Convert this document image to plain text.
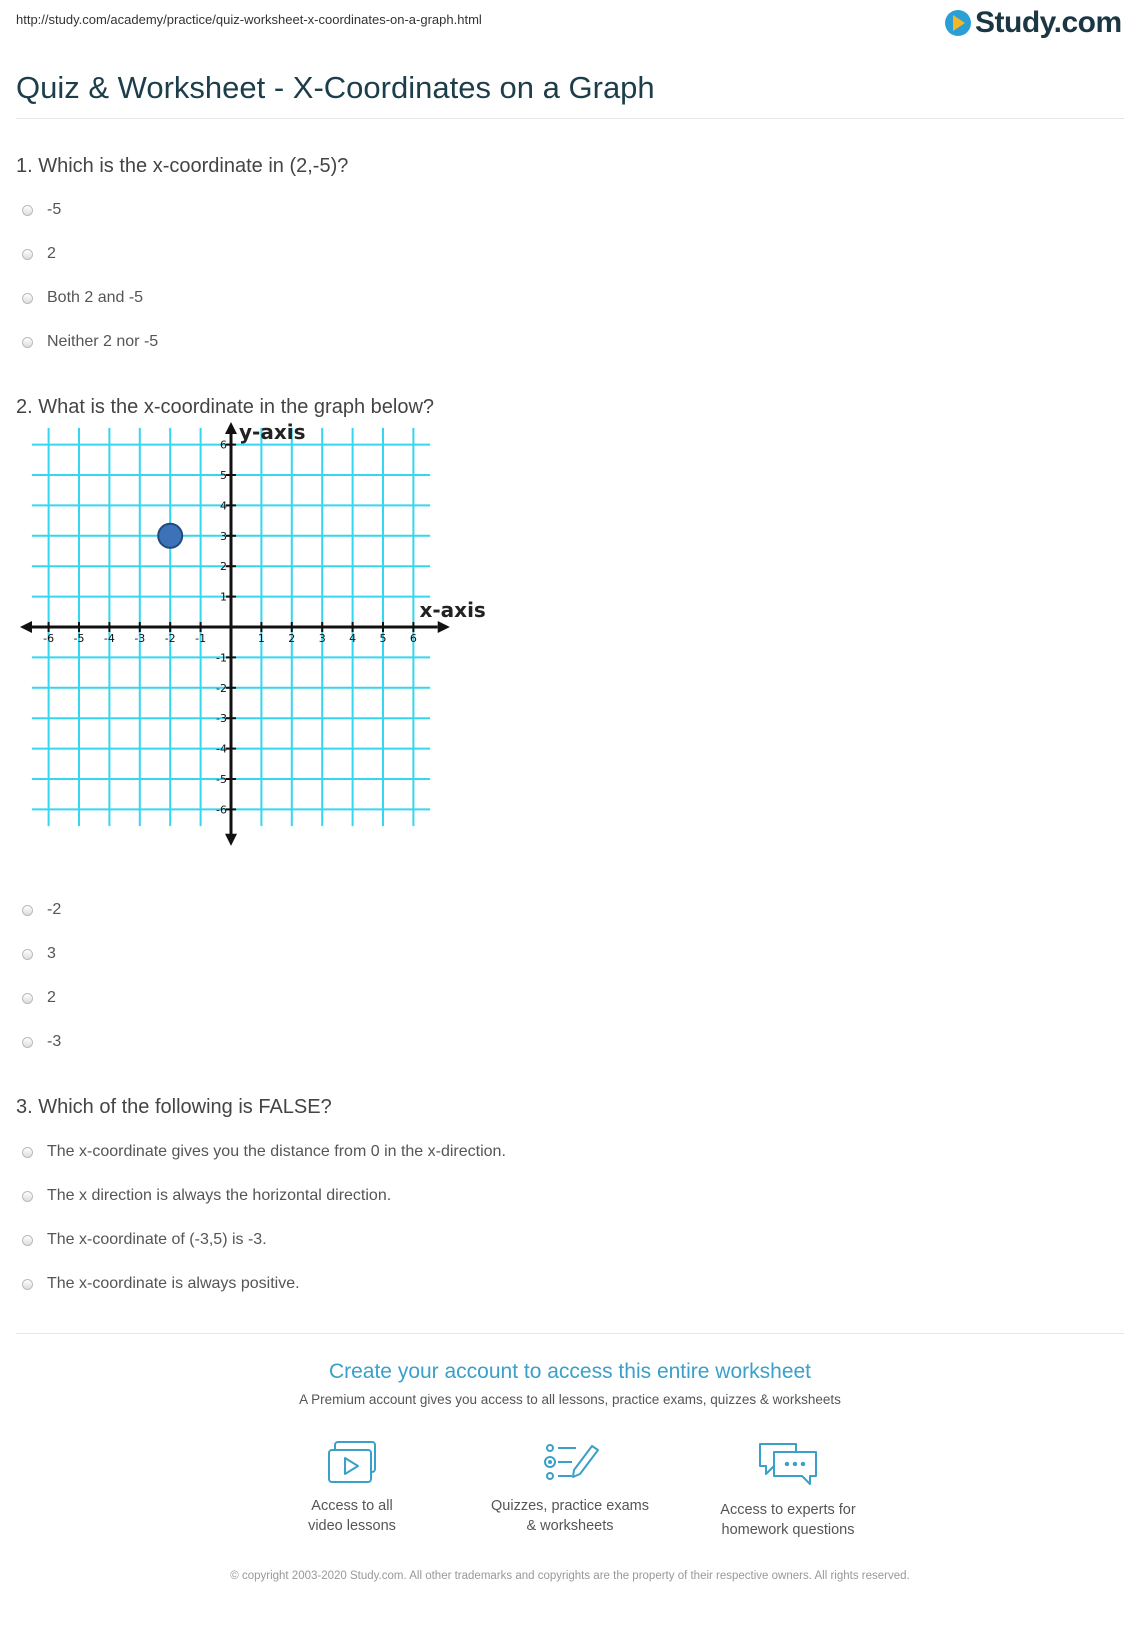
http://study.com/academy/practice/quiz-worksheet-x-coordinates-on-a-graph.html	Study.com
Quiz & Worksheet - X-Coordinates on a Graph
1. Which is the x-coordinate in (2,-5)?
-5
2
Both 2 and -5
Neither 2 nor -5
2. What is the x-coordinate in the graph below?
-6 -5 -4 -3 -2 -1	1 2 3 4 5 6
6
5
4
3
2
1
-1
-2
-3
-4
-5
-6
y-axis
x-axis
-2
3
2
-3
3. Which of the following is FALSE?
The x-coordinate gives you the distance from 0 in the x-direction.
The x direction is always the horizontal direction.
The x-coordinate of (-3,5) is -3.
The x-coordinate is always positive.
Create your account to access this entire worksheet
A Premium account gives you access to all lessons, practice exams, quizzes & worksheets
Access to all
video lessons
Quizzes, practice exams
& worksheets
Access to experts for
homework questions
© copyright 2003-2020 Study.com. All other trademarks and copyrights are the property of their respective owners. All rights reserved.
